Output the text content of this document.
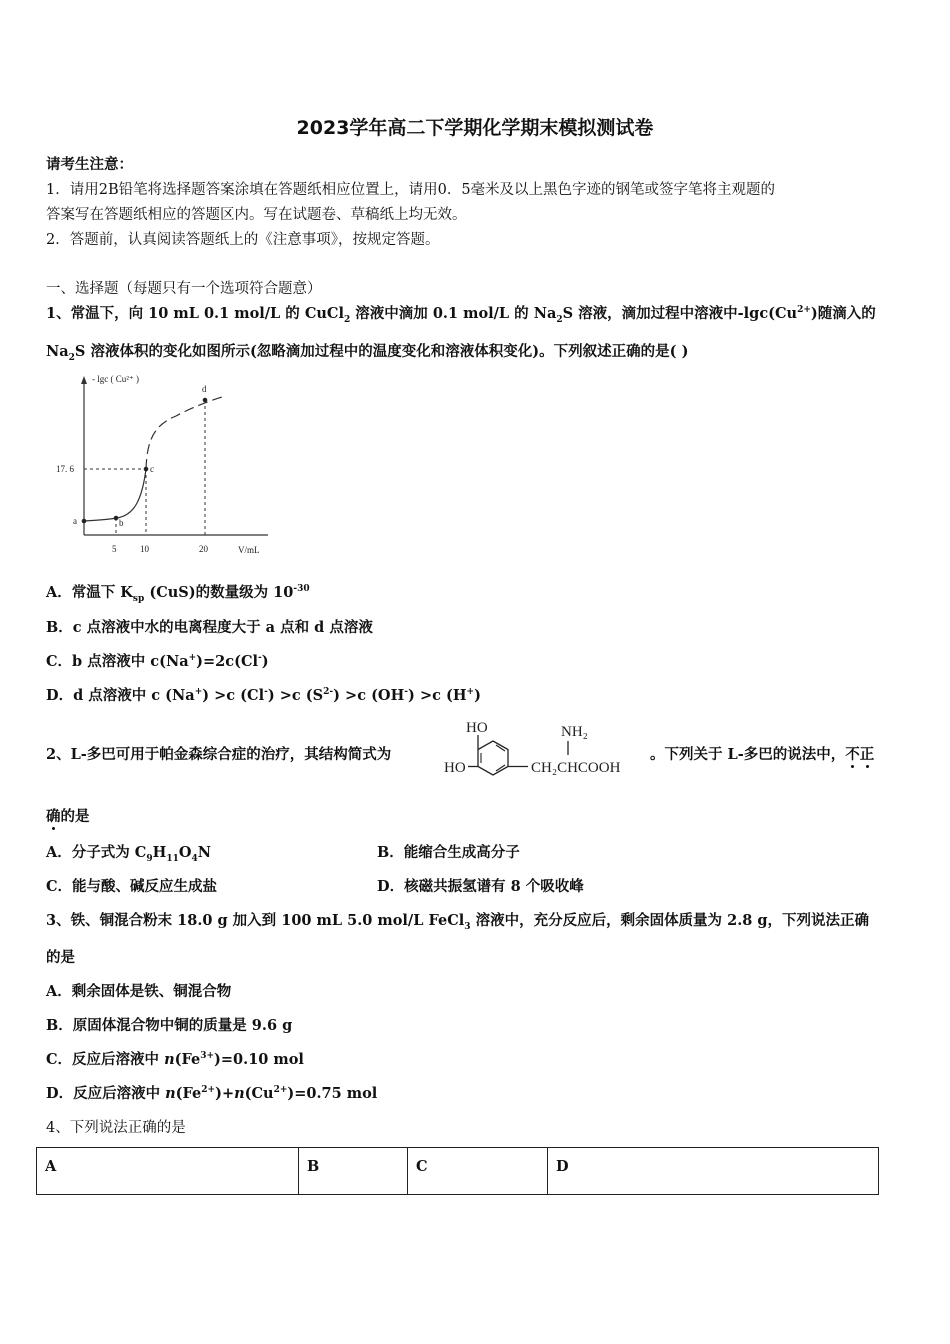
2023学年高二下学期化学期末模拟测试卷
请考生注意：
1．请用2B铅笔将选择题答案涂填在答题纸相应位置上，请用0．5毫米及以上黑色字迹的钢笔或签字笔将主观题的
答案写在答题纸相应的答题区内。写在试题卷、草稿纸上均无效。
2．答题前，认真阅读答题纸上的《注意事项》，按规定答题。
一、选择题（每题只有一个选项符合题意）
1、常温下，向 10 mL 0.1 mol/L 的 CuCl$_2$ 溶液中滴加 0.1 mol/L 的 $Na_2S$ 溶液，滴加过程中溶液中$-\lg c(Cu^{2+})$随滴入的
$Na_2S$ 溶液体积的变化如图所示(忽略滴加过程中的温度变化和溶液体积变化)。下列叙述正确的是( )
- lgc ( Cu²⁺ )
V/mL
17. 6
5	10	20
a	b
c
d
A．常温下 $K_{sp}$ (CuS)的数量级为 $10^{-30}$
B．c 点溶液中水的电离程度大于 a 点和 d 点溶液
C．b 点溶液中 c(Na+)=2c(Cl-)
D．d 点溶液中 c (Na+) >c (Cl-) >c $(S^{2-}) >c$ (OH-) >c (H+)
2、L-多巴可用于帕金森综合症的治疗，其结构简式为
HO
HO
NH₂
CH₂CHCOOH
。下列关于 L-多巴的说法中，不正
确的是
A．分子式为 $C_9H_{11}O_4N$	B．能缩合生成高分子
C．能与酸、碱反应生成盐	D．核磁共振氢谱有 8 个吸收峰
3、铁、铜混合粉末 18.0 g 加入到 100 mL 5.0 mol/L FeCl$_3$ 溶液中，充分反应后，剩余固体质量为 2.8 g，下列说法正确
的是
A．剩余固体是铁、铜混合物
B．原固体混合物中铜的质量是 9.6 g
C．反应后溶液中 $n(Fe^{3+})=0.10$ mol
D．反应后溶液中 $n(Fe^{2+})+n(Cu^{2+})=0.75$ mol
4、下列说法正确的是
A	B	C	D
